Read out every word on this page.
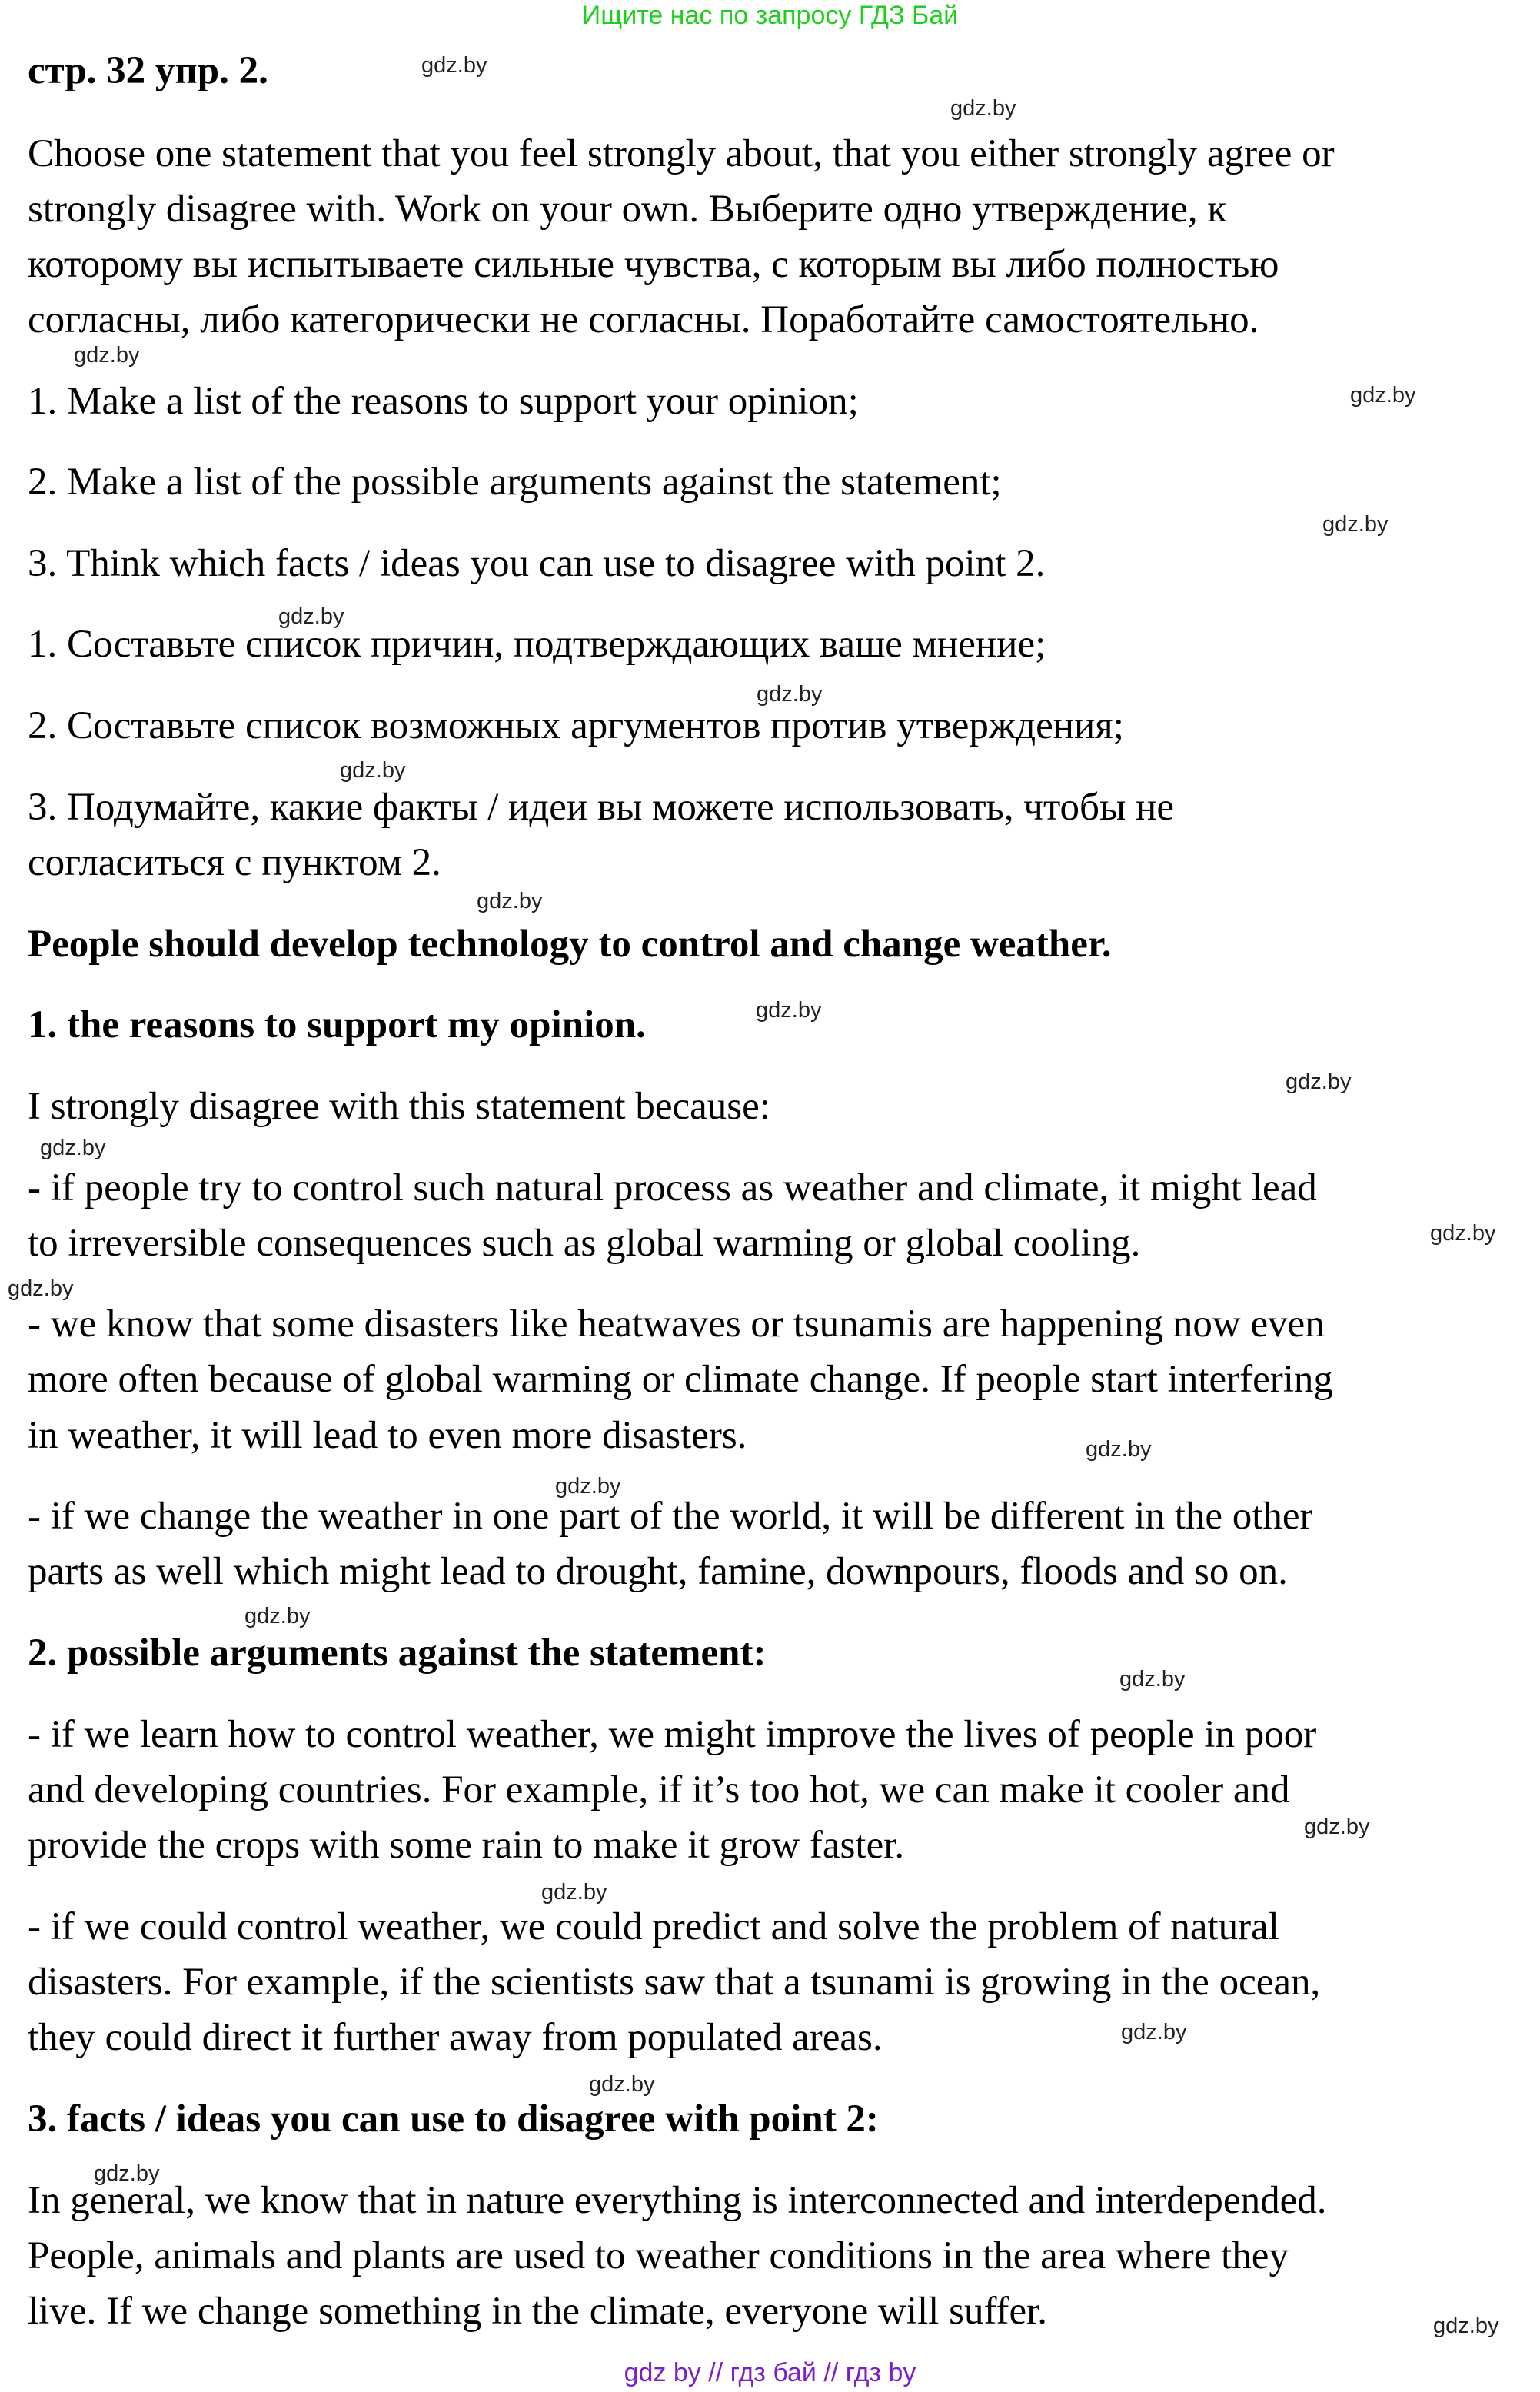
Ищите нас по запросу ГДЗ Бай
стр. 32 упр. 2.
Choose one statement that you feel strongly about, that you either strongly agree or
strongly disagree with. Work on your own. Выберите одно утверждение, к
которому вы испытываете сильные чувства, с которым вы либо полностью
согласны, либо категорически не согласны. Поработайте самостоятельно.
1. Make a list of the reasons to support your opinion;
2. Make a list of the possible arguments against the statement;
3. Think which facts / ideas you can use to disagree with point 2.
1. Составьте список причин, подтверждающих ваше мнение;
2. Составьте список возможных аргументов против утверждения;
3. Подумайте, какие факты / идеи вы можете использовать, чтобы не
согласиться с пунктом 2.
People should develop technology to control and change weather.
1. the reasons to support my opinion.
I strongly disagree with this statement because:
- if people try to control such natural process as weather and climate, it might lead
to irreversible consequences such as global warming or global cooling.
- we know that some disasters like heatwaves or tsunamis are happening now even
more often because of global warming or climate change. If people start interfering
in weather, it will lead to even more disasters.
- if we change the weather in one part of the world, it will be different in the other
parts as well which might lead to drought, famine, downpours, floods and so on.
2. possible arguments against the statement:
- if we learn how to control weather, we might improve the lives of people in poor
and developing countries. For example, if it’s too hot, we can make it cooler and
provide the crops with some rain to make it grow faster.
- if we could control weather, we could predict and solve the problem of natural
disasters. For example, if the scientists saw that a tsunami is growing in the ocean,
they could direct it further away from populated areas.
3. facts / ideas you can use to disagree with point 2:
In general, we know that in nature everything is interconnected and interdepended.
People, animals and plants are used to weather conditions in the area where they
live. If we change something in the climate, everyone will suffer.
gdz.by
gdz.by
gdz.by
gdz.by
gdz.by
gdz.by
gdz.by
gdz.by
gdz.by
gdz.by
gdz.by
gdz.by
gdz.by
gdz.by
gdz.by
gdz.by
gdz.by
gdz.by
gdz.by
gdz.by
gdz.by
gdz.by
gdz.by
gdz.by
gdz by // гдз бай // гдз by
